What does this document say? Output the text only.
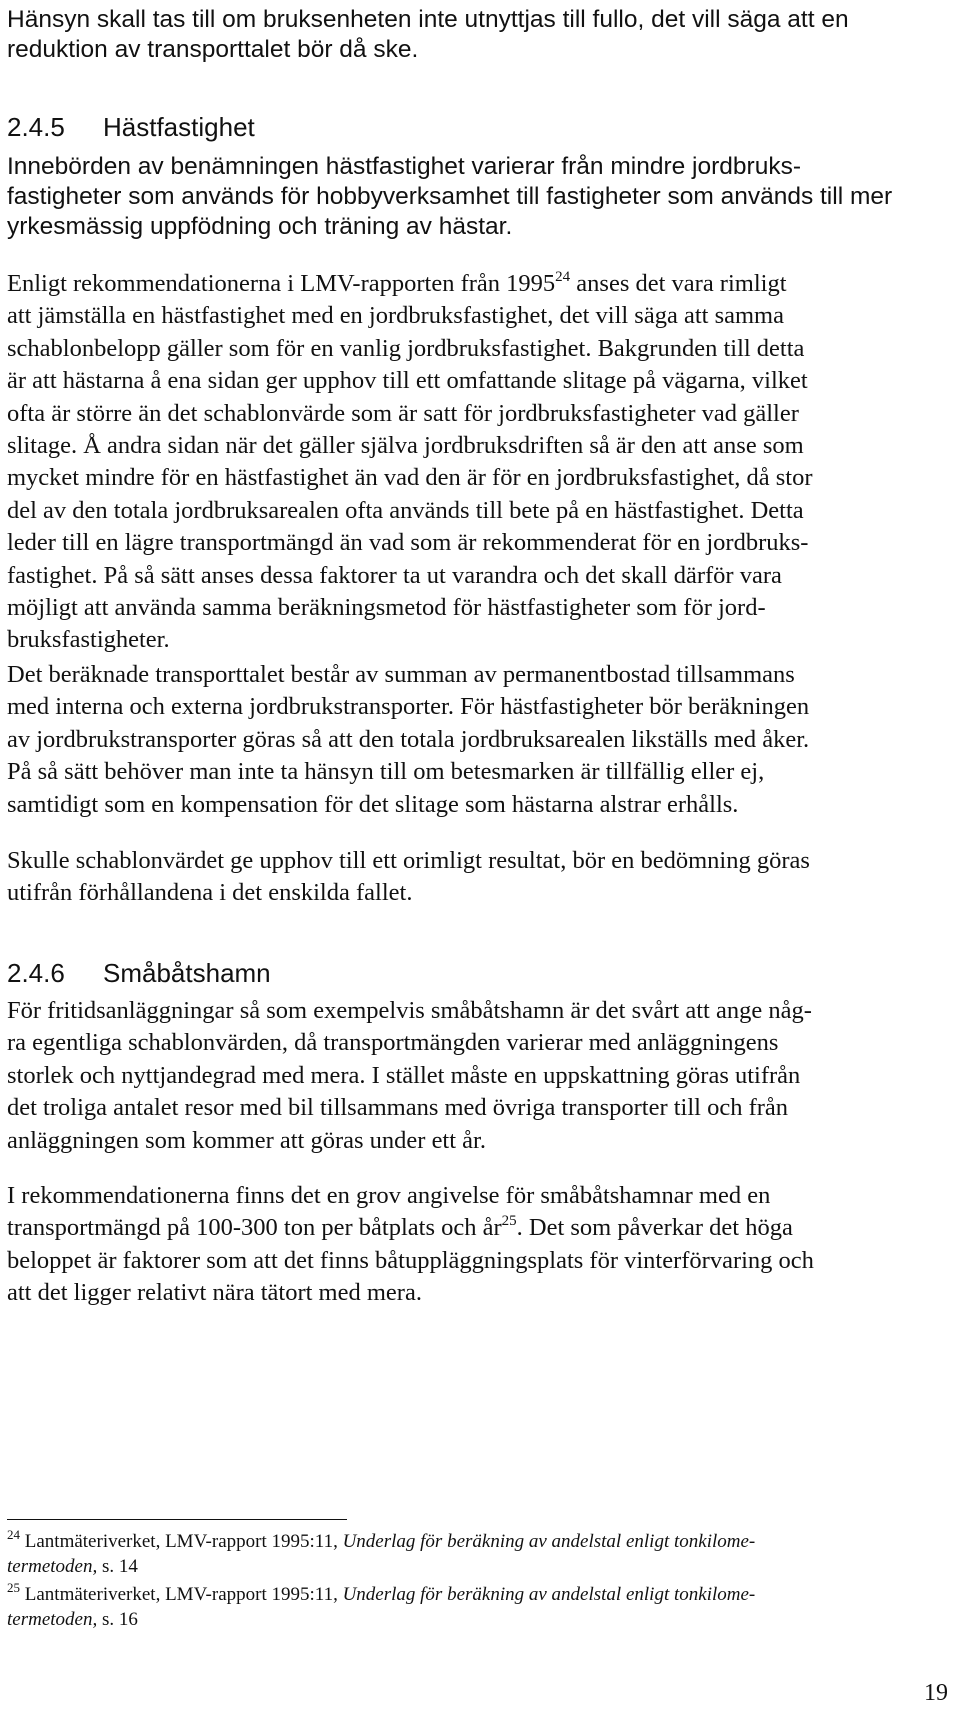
Hänsyn skall tas till om bruksenheten inte utnyttjas till fullo, det vill säga att en
reduktion av transporttalet bör då ske.

2.4.5 Hästfastighet

Innebörden av benämningen hästfastighet varierar från mindre jordbruks-
fastigheter som används för hobbyverksamhet till fastigheter som används till mer
yrkesmässig uppfödning och träning av hästar.

Enligt rekommendationerna i LMV-rapporten från 1995$^{24}$ anses det vara rimligt
att jämställa en hästfastighet med en jordbruksfastighet, det vill säga att samma
schablonbelopp gäller som för en vanlig jordbruksfastighet. Bakgrunden till detta
är att hästarna å ena sidan ger upphov till ett omfattande slitage på vägarna, vilket
ofta är större än det schablonvärde som är satt för jordbruksfastigheter vad gäller
slitage. Å andra sidan när det gäller själva jordbruksdriften så är den att anse som
mycket mindre för en hästfastighet än vad den är för en jordbruksfastighet, då stor
del av den totala jordbruksarealen ofta används till bete på en hästfastighet. Detta
leder till en lägre transportmängd än vad som är rekommenderat för en jordbruks-
fastighet. På så sätt anses dessa faktorer ta ut varandra och det skall därför vara
möjligt att använda samma beräkningsmetod för hästfastigheter som för jord-
bruksfastigheter.

Det beräknade transporttalet består av summan av permanentbostad tillsammans
med interna och externa jordbrukstransporter. För hästfastigheter bör beräkningen
av jordbrukstransporter göras så att den totala jordbruksarealen likställs med åker.
På så sätt behöver man inte ta hänsyn till om betesmarken är tillfällig eller ej,
samtidigt som en kompensation för det slitage som hästarna alstrar erhålls.

Skulle schablonvärdet ge upphov till ett orimligt resultat, bör en bedömning göras
utifrån förhållandena i det enskilda fallet.

2.4.6 Småbåtshamn

För fritidsanläggningar så som exempelvis småbåtshamn är det svårt att ange någ-
ra egentliga schablonvärden, då transportmängden varierar med anläggningens
storlek och nyttjandegrad med mera. I stället måste en uppskattning göras utifrån
det troliga antalet resor med bil tillsammans med övriga transporter till och från
anläggningen som kommer att göras under ett år.

I rekommendationerna finns det en grov angivelse för småbåtshamnar med en
transportmängd på 100-300 ton per båtplats och $år^{25}$. Det som påverkar det höga
beloppet är faktorer som att det finns båtuppläggningsplats för vinterförvaring och
att det ligger relativt nära tätort med mera.

$^{24}$ Lantmäteriverket, LMV-rapport 1995:11, Underlag för beräkning av andelstal enligt tonkilome-
termetoden, s. 14
$^{25}$ Lantmäteriverket, LMV-rapport 1995:11, Underlag för beräkning av andelstal enligt tonkilome-
termetoden, s. 16
19
